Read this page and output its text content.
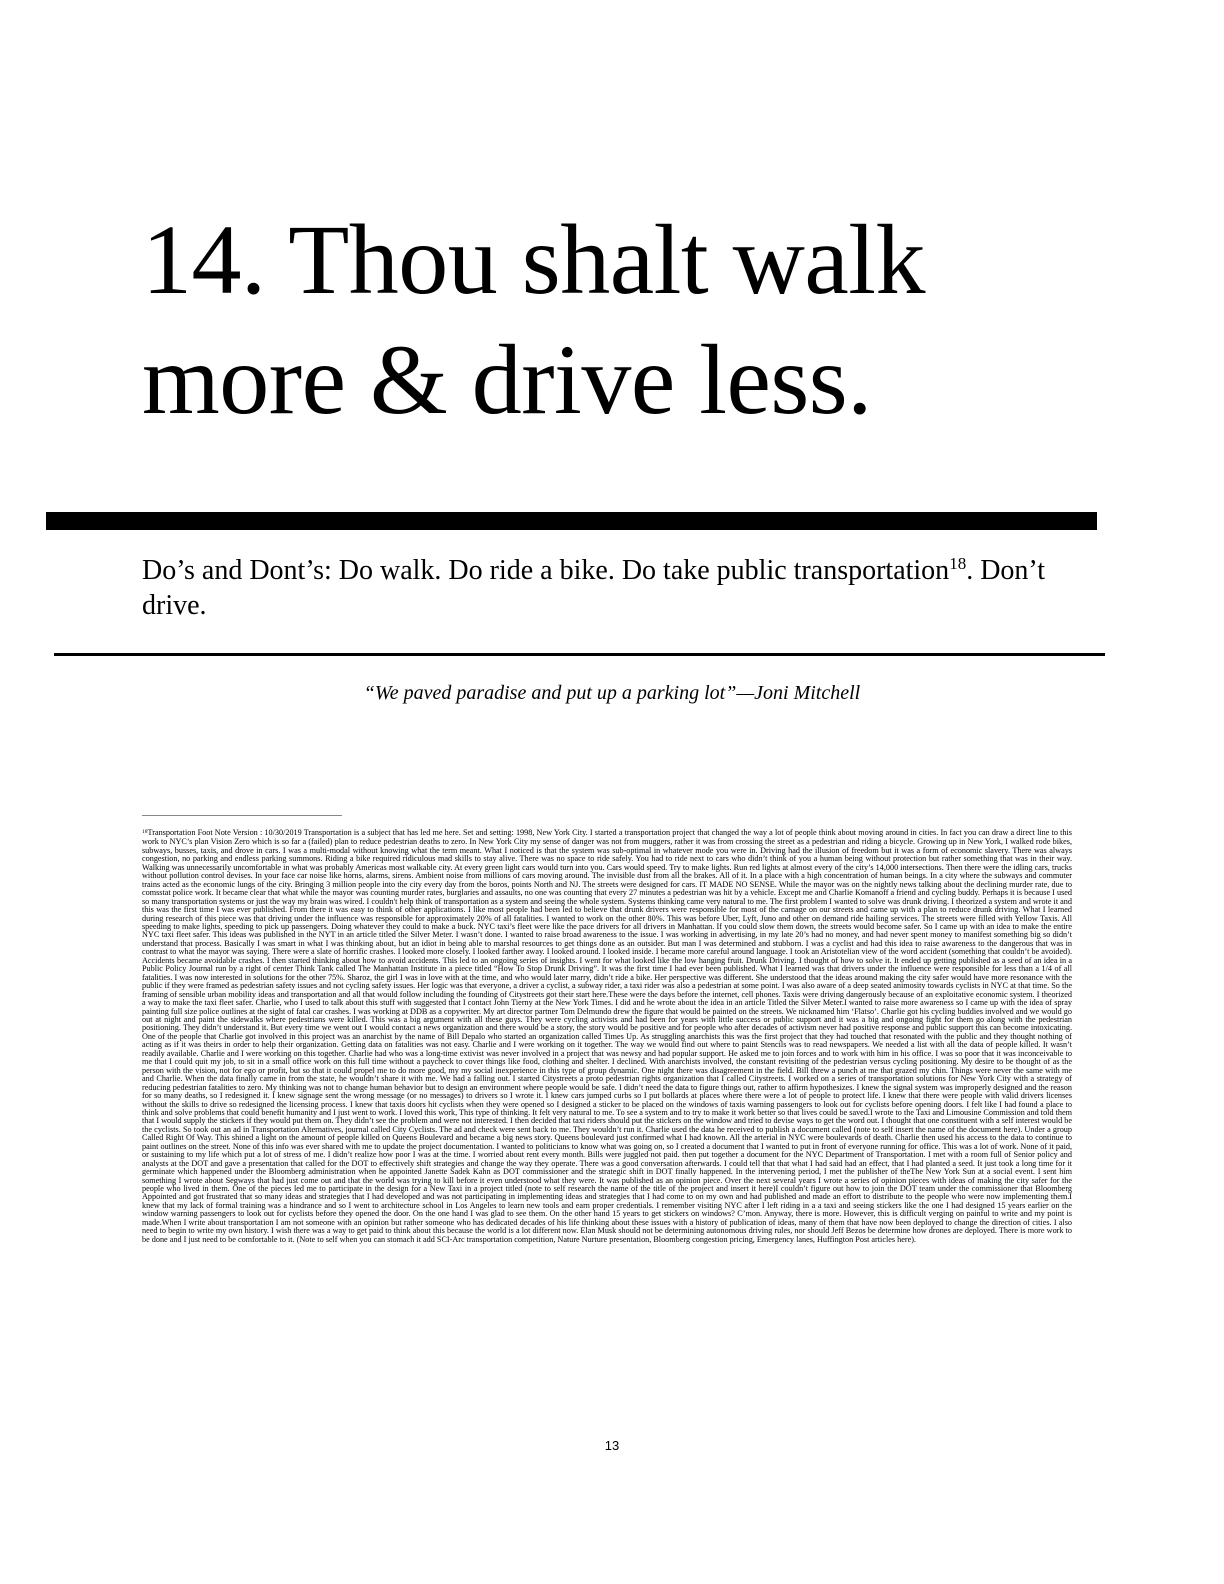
14. Thou shalt walk
more & drive less.

Do’s and Dont’s: Do walk. Do ride a bike. Do take public transportation$^{18}$. Don’t drive.

“We paved paradise and put up a parking lot”—Joni Mitchell

$^{18}$Transportation Foot Note Version : 10/30/2019 Transportation is a subject that has led me here. Set and setting: 1998, New York City. I started a transportation project that changed the way a lot of people think about moving around in cities. In fact you can draw a direct line to this work to NYC’s plan Vision Zero which is so far a (failed) plan to reduce pedestrian deaths to zero. In New York City my sense of danger was not from muggers, rather it was from crossing the street as a pedestrian and riding a bicycle. Growing up in New York, I walked rode bikes, subways, busses, taxis, and drove in cars. I was a multi-modal without knowing what the term meant. What I noticed is that the system was sub-optimal in whatever mode you were in. Driving had the illusion of freedom but it was a form of economic slavery. There was always congestion, no parking and endless parking summons. Riding a bike required ridiculous mad skills to stay alive. There was no space to ride safely. You had to ride next to cars who didn’t think of you a human being without protection but rather something that was in their way. Walking was unnecessarily uncomfortable in what was probably Americas most walkable city. At every green light cars would turn into you. Cars would speed. Try to make lights. Run red lights at almost every of the city’s 14,000 intersections. Then there were the idling cars, trucks without pollution control devises. In your face car noise like horns, alarms, sirens. Ambient noise from millions of cars moving around. The invisible dust from all the brakes. All of it. In a place with a high concentration of human beings. In a city where the subways and commuter trains acted as the economic lungs of the city. Bringing 3 million people into the city every day from the boros, points North and NJ. The streets were designed for cars. IT MADE NO SENSE. While the mayor was on the nightly news talking about the declining murder rate, due to comsstat police work. It became clear that what while the mayor was counting murder rates, burglaries and assaults, no one was counting that every 27 minutes a pedestrian was hit by a vehicle. Except me and Charlie Komanoff a friend and cycling buddy. Perhaps it is because I used so many transportation systems or just the way my brain was wired. I couldn't help think of transportation as a system and seeing the whole system. Systems thinking came very natural to me. The first problem I wanted to solve was drunk driving. I theorized a system and wrote it and this was the first time I was ever published. From there it was easy to think of other applications. I like most people had been led to believe that drunk drivers were responsible for most of the carnage on our streets and came up with a plan to reduce drunk driving. What I learned during research of this piece was that driving under the influence was responsible for approximately 20% of all fatalities. I wanted to work on the other 80%. This was before Uber, Lyft, Juno and other on demand ride hailing services. The streets were filled with Yellow Taxis. All speeding to make lights, speeding to pick up passengers. Doing whatever they could to make a buck. NYC taxi’s fleet were like the pace drivers for all drivers in Manhattan. If you could slow them down, the streets would become safer. So I came up with an idea to make the entire NYC taxi fleet safer. This ideas was published in the NYT in an article titled the Silver Meter. I wasn’t done. I wanted to raise broad awareness to the issue. I was working in advertising, in my late 20’s had no money, and had never spent money to manifest something big so didn’t understand that process. Basically I was smart in what I was thinking about, but an idiot in being able to marshal resources to get things done as an outsider. But man I was determined and stubborn. I was a cyclist and had this idea to raise awareness to the dangerous that was in contrast to what the mayor was saying. There were a slate of horrific crashes. I looked more closely. I looked farther away. I looked around. I looked inside. I became more careful around language. I took an Aristotelian view of the word accident (something that couldn’t be avoided). Accidents became avoidable crashes. I then started thinking about how to avoid accidents. This led to an ongoing series of insights. I went for what looked like the low hanging fruit. Drunk Driving. I thought of how to solve it. It ended up getting published as a seed of an idea in a Public Policy Journal run by a right of center Think Tank called The Manhattan Institute in a piece titled “How To Stop Drunk Driving”. It was the first time I had ever been published. What I learned was that drivers under the influence were responsible for less than a 1/4 of all fatalities. I was now interested in solutions for the other 75%. Sharoz, the girl I was in love with at the time, and who would later marry, didn’t ride a bike. Her perspective was different. She understood that the ideas around making the city safer would have more resonance with the public if they were framed as pedestrian safety issues and not cycling safety issues. Her logic was that everyone, a driver a cyclist, a subway rider, a taxi rider was also a pedestrian at some point. I was also aware of a deep seated animosity towards cyclists in NYC at that time. So the framing of sensible urban mobility ideas and transportation and all that would follow including the founding of Citystreets got their start here.These were the days before the internet, cell phones. Taxis were driving dangerously because of an exploitative economic system. I theorized a way to make the taxi fleet safer. Charlie, who I used to talk about this stuff with suggested that I contact John Tierny at the New York Times. I did and he wrote about the idea in an article Titled the Silver Meter.I wanted to raise more awareness so I came up with the idea of spray painting full size police outlines at the sight of fatal car crashes. I was working at DDB as a copywriter. My art director partner Tom Delmundo drew the figure that would be painted on the streets. We nicknamed him ‘Flatso’. Charlie got his cycling buddies involved and we would go out at night and paint the sidewalks where pedestrians were killed. This was a big argument with all these guys. They were cycling activists and had been for years with little success or public support and it was a big and ongoing fight for them go along with the pedestrian positioning. They didn’t understand it. But every time we went out I would contact a news organization and there would be a story, the story would be positive and for people who after decades of activism never had positive response and public support this can become intoxicating. One of the people that Charlie got involved in this project was an anarchist by the name of Bill Depalo who started an organization called Times Up. As struggling anarchists this was the first project that they had touched that resonated with the public and they thought nothing of acting as if it was theirs in order to help their organization. Getting data on fatalities was not easy. Charlie and I were working on it together. The way we would find out where to paint Stencils was to read newspapers. We needed a list with all the data of people killed. It wasn’t readily available. Charlie and I were working on this together. Charlie had who was a long-time extivist was never involved in a project that was newsy and had popular support. He asked me to join forces and to work with him in his office. I was so poor that it was inconceivable to me that I could quit my job, to sit in a small office work on this full time without a paycheck to cover things like food, clothing and shelter. I declined. With anarchists involved, the constant revisiting of the pedestrian versus cycling positioning. My desire to be thought of as the person with the vision, not for ego or profit, but so that it could propel me to do more good, my my social inexperience in this type of group dynamic. One night there was disagreement in the field. Bill threw a punch at me that grazed my chin. Things were never the same with me and Charlie. When the data finally came in from the state, he wouldn’t share it with me. We had a falling out. I started Citystreets a proto pedestrian rights organization that I called Citystreets. I worked on a series of transportation solutions for New York City with a strategy of reducing pedestrian fatalities to zero. My thinking was not to change human behavior but to design an environment where people would be safe. I didn’t need the data to figure things out, rather to affirm hypothesizes. I knew the signal system was improperly designed and the reason for so many deaths, so I redesigned it. I knew signage sent the wrong message (or no messages) to drivers so I wrote it. I knew cars jumped curbs so I put bollards at places where there were a lot of people to protect life. I knew that there were people with valid drivers licenses without the skills to drive so redesigned the licensing process. I knew that taxis doors hit cyclists when they were opened so I designed a sticker to be placed on the windows of taxis warning passengers to look out for cyclists before opening doors. I felt like I had found a place to think and solve problems that could benefit humanity and I just went to work. I loved this work, This type of thinking. It felt very natural to me. To see a system and to try to make it work better so that lives could be saved.I wrote to the Taxi and Limousine Commission and told them that I would supply the stickers if they would put them on. They didn’t see the problem and were not interested. I then decided that taxi riders should put the stickers on the window and tried to devise ways to get the word out. I thought that one constituent with a self interest would be the cyclists. So took out an ad in Transportation Alternatives, journal called City Cyclists. The ad and check were sent back to me. They wouldn’t run it. Charlie used the data he received to publish a document called (note to self insert the name of the document here). Under a group Called Right Of Way. This shined a light on the amount of people killed on Queens Boulevard and became a big news story. Queens boulevard just confirmed what I had known. All the arterial in NYC were boulevards of death. Charlie then used his access to the data to continue to paint outlines on the street. None of this info was ever shared with me to update the project documentation. I wanted to politicians to know what was going on, so I created a document that I wanted to put in front of everyone running for office. This was a lot of work. None of it paid, or sustaining to my life which put a lot of stress of me. I didn’t realize how poor I was at the time. I worried about rent every month. Bills were juggled not paid. then put together a document for the NYC Department of Transportation. I met with a room full of Senior policy and analysts at the DOT and gave a presentation that called for the DOT to effectively shift strategies and change the way they operate. There was a good conversation afterwards. I could tell that that what I had said had an effect, that I had planted a seed. It just took a long time for it germinate which happened under the Bloomberg administration when he appointed Janette Sadek Kahn as DOT commissioner and the strategic shift in DOT finally happened. In the intervening period, I met the publisher of theThe New York Sun at a social event. I sent him something I wrote about Segways that had just come out and that the world was trying to kill before it even understood what they were. It was published as an opinion piece. Over the next several years I wrote a series of opinion pieces with ideas of making the city safer for the people who lived in them. One of the pieces led me to participate in the design for a New Taxi in a project titled (note to self research the name of the title of the project and insert it here)I couldn’t figure out how to join the DOT team under the commissioner that Bloomberg Appointed and got frustrated that so many ideas and strategies that I had developed and was not participating in implementing ideas and strategies that I had come to on my own and had published and made an effort to distribute to the people who were now implementing them.I knew that my lack of formal training was a hindrance and so I went to architecture school in Los Angeles to learn new tools and earn proper credentials. I remember visiting NYC after I left riding in a a taxi and seeing stickers like the one I had designed 15 years earlier on the window warning passengers to look out for cyclists before they opened the door. On the one hand I was glad to see them. On the other hand 15 years to get stickers on windows? C’mon. Anyway, there is more. However, this is difficult verging on painful to write and my point is made.When I write about transportation I am not someone with an opinion but rather someone who has dedicated decades of his life thinking about these issues with a history of publication of ideas, many of them that have now been deployed to change the direction of cities. I also need to begin to write my own history. I wish there was a way to get paid to think about this because the world is a lot different now. Elan Musk should not be determining autonomous driving rules, nor should Jeff Bezos be determine how drones are deployed. There is more work to be done and I just need to be comfortable to it. (Note to self when you can stomach it add SCI-Arc transportation competition, Nature Nurture presentation, Bloomberg congestion pricing, Emergency lanes, Huffington Post articles here).

13
